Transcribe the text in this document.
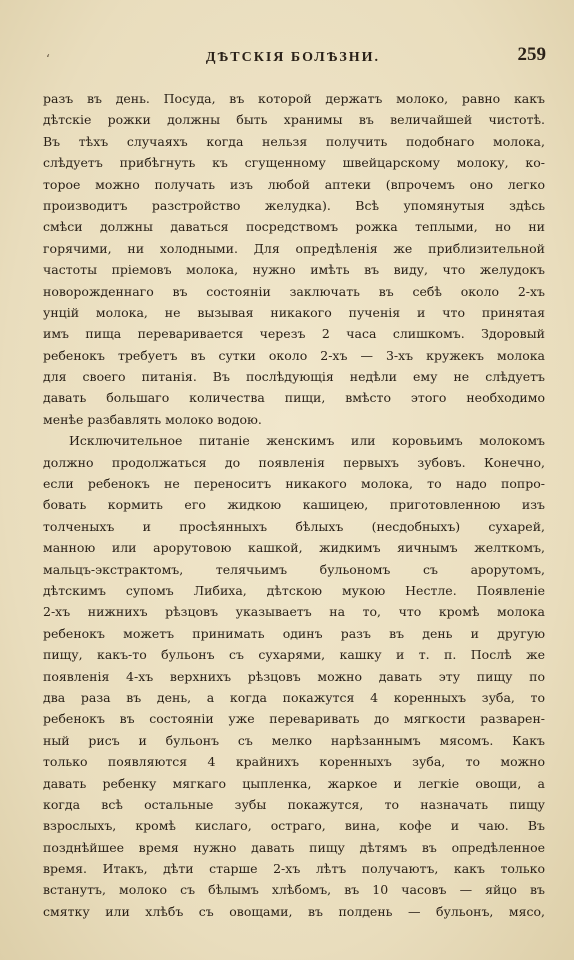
‘	ДѢТСКІЯ БОЛѢЗНИ.	259
разъ въ день. Посуда, въ которой держатъ молоко, равно какъ
дѣтскіе рожки должны быть хранимы въ величайшей чистотѣ.
Въ тѣхъ случаяхъ когда нельзя получить подобнаго молока,
слѣдуетъ прибѣгнуть къ сгущенному швейцарскому молоку, ко-
торое можно получать изъ любой аптеки (впрочемъ оно легко
производитъ разстройство желудка). Всѣ упомянутыя здѣсь
смѣси должны даваться посредствомъ рожка теплыми, но ни
горячими, ни холодными. Для опредѣленія же приблизительной
частоты пріемовъ молока, нужно имѣть въ виду, что желудокъ
новорожденнаго въ состояніи заключать въ себѣ около 2-хъ
унцій молока, не вызывая никакого пученія и что принятая
имъ пища переваривается черезъ 2 часа слишкомъ. Здоровый
ребенокъ требуетъ въ сутки около 2-хъ — 3-хъ кружекъ молока
для своего питанія. Въ послѣдующія недѣли ему не слѣдуетъ
давать большаго количества пищи, вмѣсто этого необходимо
менѣе разбавлять молоко водою.
Исключительное питаніе женскимъ или коровьимъ молокомъ
должно продолжаться до появленія первыхъ зубовъ. Конечно,
если ребенокъ не переноситъ никакого молока, то надо попро-
бовать кормить его жидкою кашицею, приготовленною изъ
толченыхъ и просѣянныхъ бѣлыхъ (несдобныхъ) сухарей,
манною или арорутовою кашкой, жидкимъ яичнымъ желткомъ,
мальцъ-экстрактомъ, телячьимъ бульономъ съ арорутомъ,
дѣтскимъ супомъ Либиха, дѣтскою мукою Нестле. Появленіе
2-хъ нижнихъ рѣзцовъ указываетъ на то, что кромѣ молока
ребенокъ можетъ принимать одинъ разъ въ день и другую
пищу, какъ-то бульонъ съ сухарями, кашку и т. п. Послѣ же
появленія 4-хъ верхнихъ рѣзцовъ можно давать эту пищу по
два раза въ день, а когда покажутся 4 коренныхъ зуба, то
ребенокъ въ состояніи уже переваривать до мягкости разварен-
ный рисъ и бульонъ съ мелко нарѣзаннымъ мясомъ. Какъ
только появляются 4 крайнихъ коренныхъ зуба, то можно
давать ребенку мягкаго цыпленка, жаркое и легкіе овощи, а
когда всѣ остальные зубы покажутся, то назначать пищу
взрослыхъ, кромѣ кислаго, остраго, вина, кофе и чаю. Въ
позднѣйшее время нужно давать пищу дѣтямъ въ опредѣленное
время. Итакъ, дѣти старше 2-хъ лѣтъ получаютъ, какъ только
встанутъ, молоко съ бѣлымъ хлѣбомъ, въ 10 часовъ — яйцо въ
смятку или хлѣбъ съ овощами, въ полдень — бульонъ, мясо,
